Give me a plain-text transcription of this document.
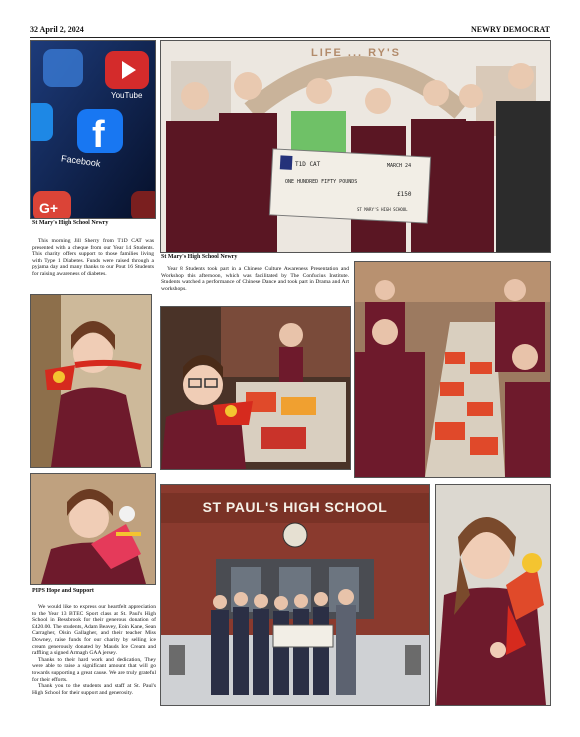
32 April 2, 2024	NEWRY DEMOCRAT
f
G+
YouTube
Facebook
St Mary's High School Newry

This morning Jill Sherry from T1D CAT was presented with a cheque from our Year 14 Students. This charity offers support to those families living with Type 1 Diabetes. Funds were raised through a pyjama day and many thanks to our Pout 16 Students for raising awareness of diabetes.

T1D CAT	MARCH 24
ONE HUNDRED FIFTY POUNDS
£150
ST MARY'S HIGH SCHOOL
LIFE ... RY'S
St Mary's High School Newry

Year 8 Students took part in a Chinese Culture Awareness Presentation and Workshop this afternoon, which was facilitated by The Confucius Institute. Students watched a performance of Chinese Dance and took part in Drama and Art workshops.

PIPS Hope and Support

We would like to express our heartfelt appreciation to the Year 13 BTEC Sport class at St. Paul's High School in Bessbrook for their generous donation of £420.00. The students, Adam Beavey, Eoin Kane, Sean Carragher, Oisin Gallagher, and their teacher Miss Downey, raise funds for our charity by selling ice cream generously donated by Mauds Ice Cream and raffling a signed Armagh GAA jersey.

Thanks to their hard work and dedication, They were able to raise a significant amount that will go towards supporting a great cause. We are truly grateful for their efforts.

Thank you to the students and staff at St. Paul's High School for their support and generosity.

ST PAUL'S HIGH SCHOOL
